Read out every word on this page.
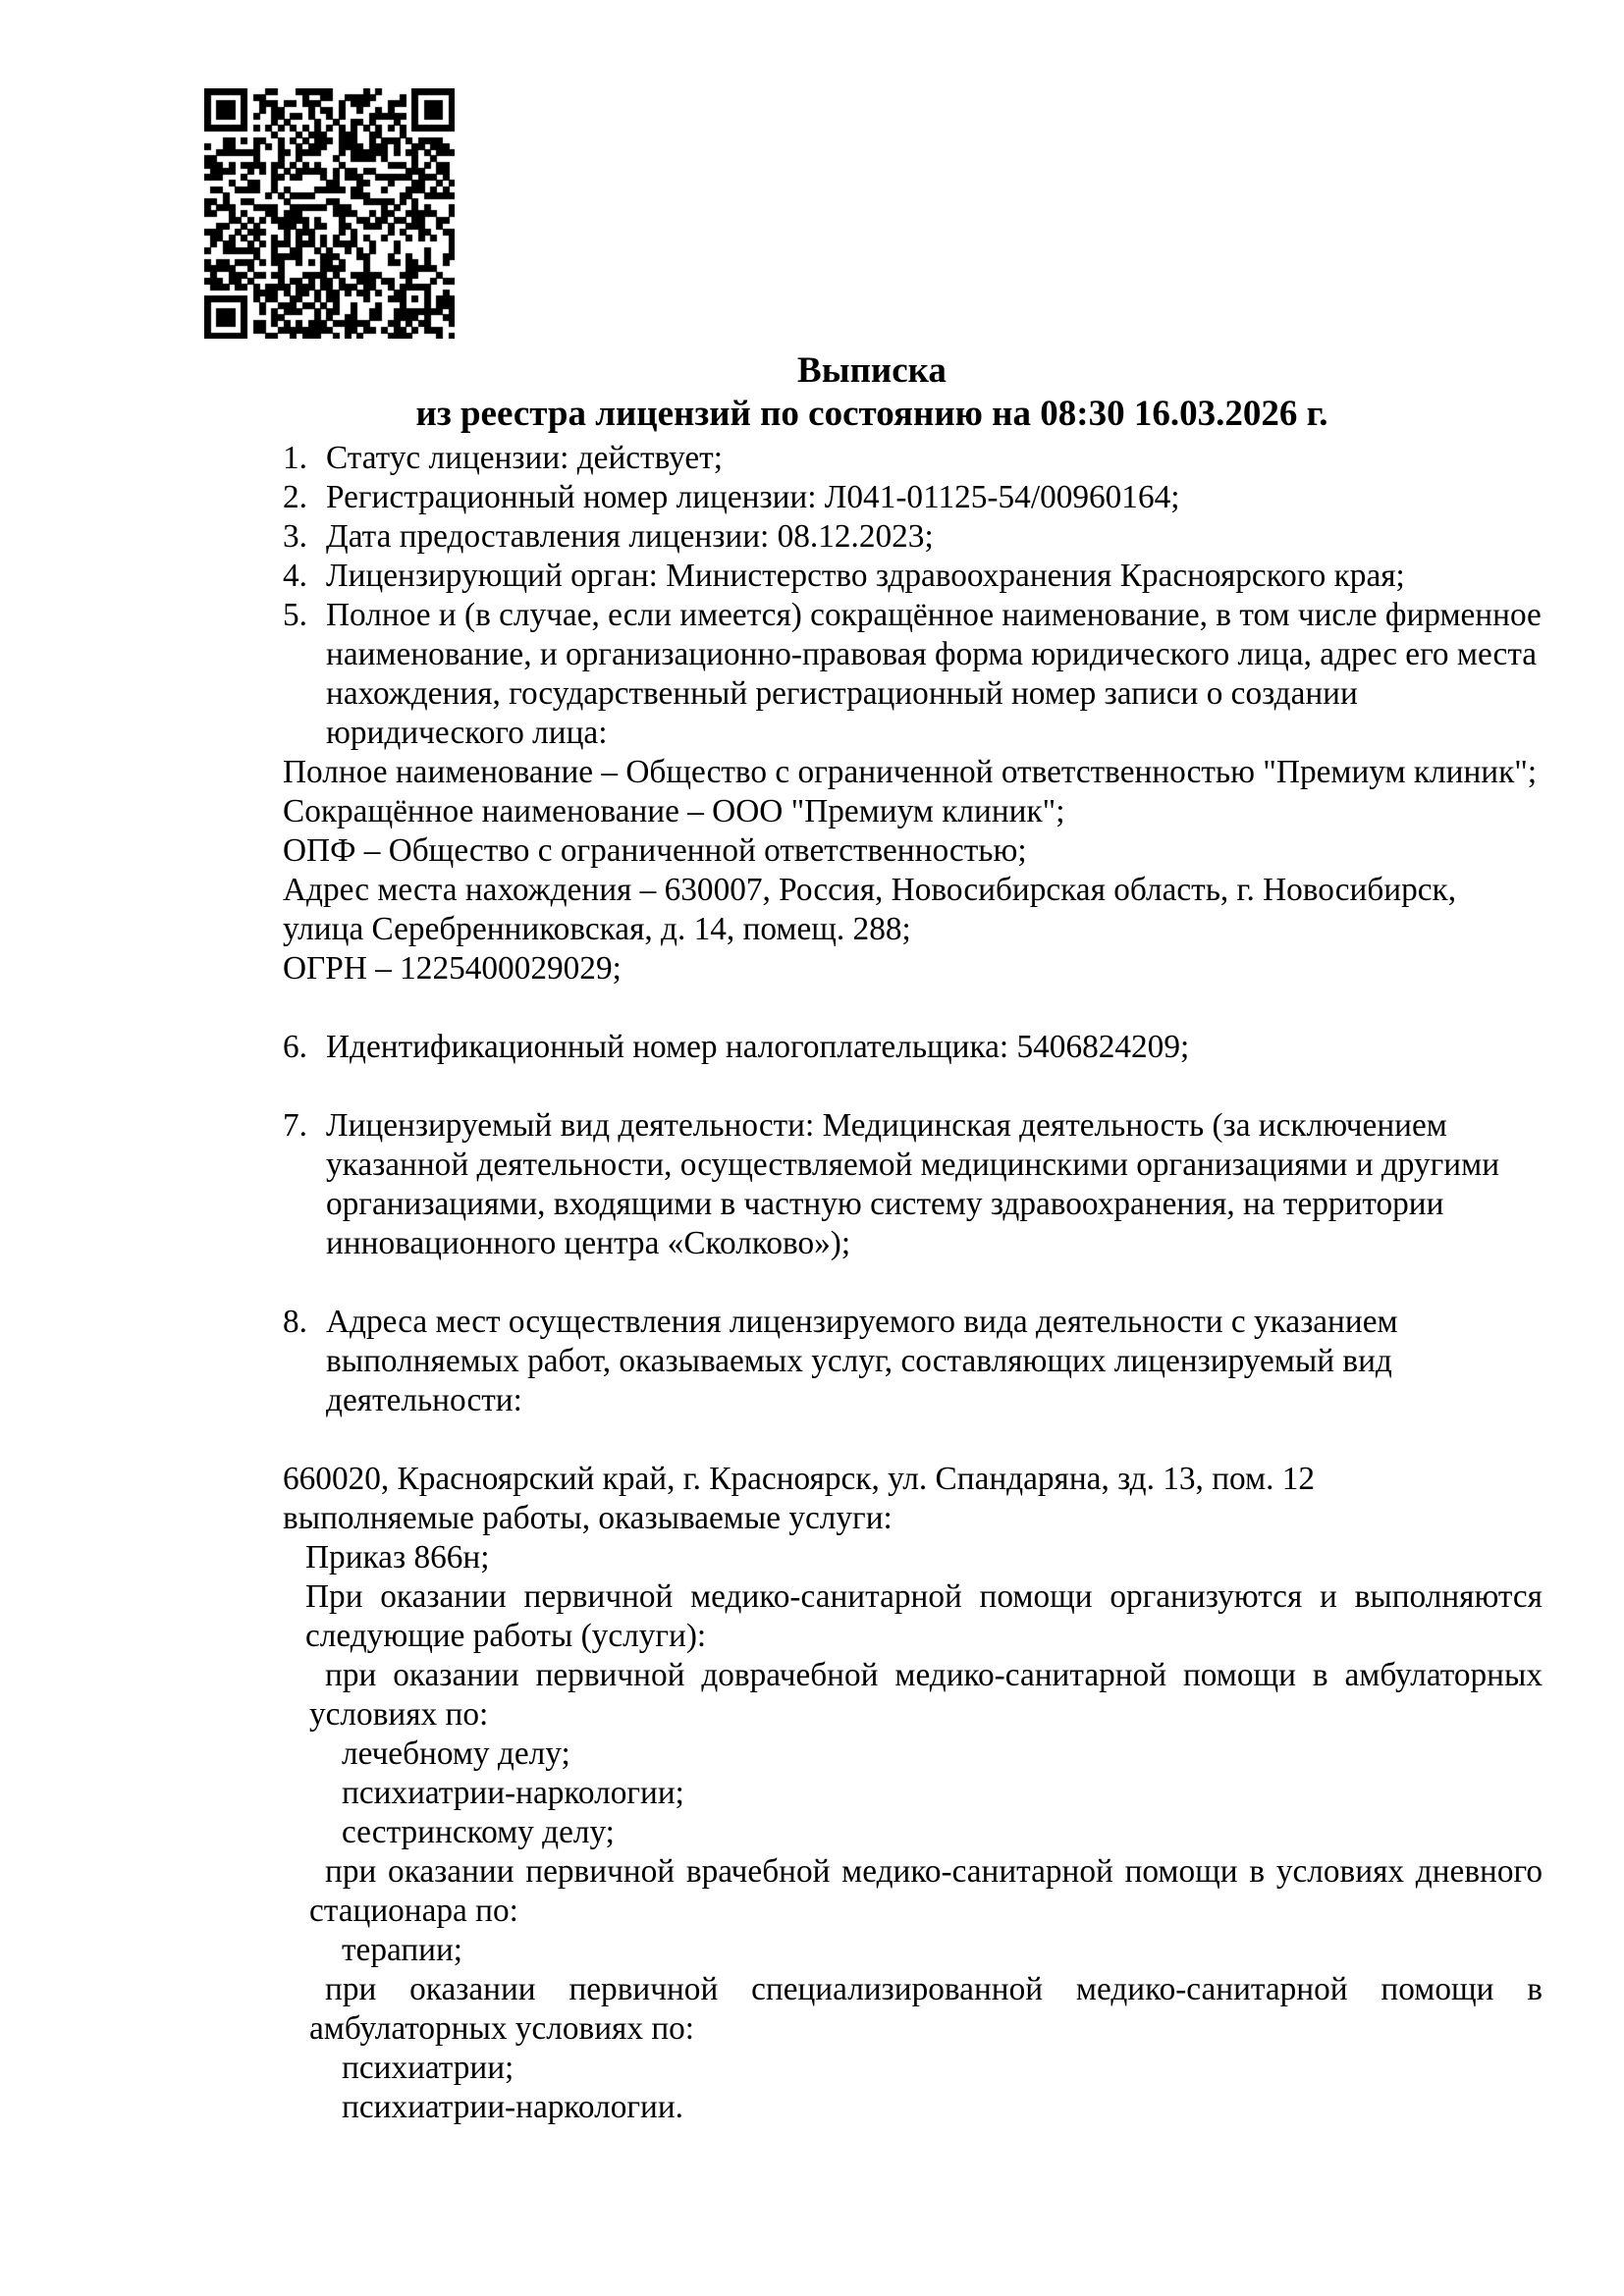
Выписка
из реестра лицензий по состоянию на 08:30 16.03.2026 г.
1. Статус лицензии: действует;
2. Регистрационный номер лицензии: Л041-01125-54/00960164;
3. Дата предоставления лицензии: 08.12.2023;
4. Лицензирующий орган: Министерство здравоохранения Красноярского края;
5. Полное и (в случае, если имеется) сокращённое наименование, в том числе фирменное наименование, и организационно-правовая форма юридического лица, адрес его места нахождения, государственный регистрационный номер записи о создании юридического лица:
Полное наименование – Общество с ограниченной ответственностью "Премиум клиник";
Сокращённое наименование – ООО "Премиум клиник";
ОПФ – Общество с ограниченной ответственностью;
Адрес места нахождения – 630007, Россия, Новосибирская область, г. Новосибирск, улица Серебренниковская, д. 14, помещ. 288;
ОГРН – 1225400029029;
6. Идентификационный номер налогоплательщика: 5406824209;
7. Лицензируемый вид деятельности: Медицинская деятельность (за исключением указанной деятельности, осуществляемой медицинскими организациями и другими организациями, входящими в частную систему здравоохранения, на территории инновационного центра «Сколково»);
8. Адреса мест осуществления лицензируемого вида деятельности с указанием выполняемых работ, оказываемых услуг, составляющих лицензируемый вид деятельности:
660020, Красноярский край, г. Красноярск, ул. Спандаряна, зд. 13, пом. 12
выполняемые работы, оказываемые услуги:
Приказ 866н;
При оказании первичной медико-санитарной помощи организуются и выполняются следующие работы (услуги):
при оказании первичной доврачебной медико-санитарной помощи в амбулаторных условиях по:
лечебному делу;
психиатрии-наркологии;
сестринскому делу;
при оказании первичной врачебной медико-санитарной помощи в условиях дневного стационара по:
терапии;
при оказании первичной специализированной медико-санитарной помощи в амбулаторных условиях по:
психиатрии;
психиатрии-наркологии.
